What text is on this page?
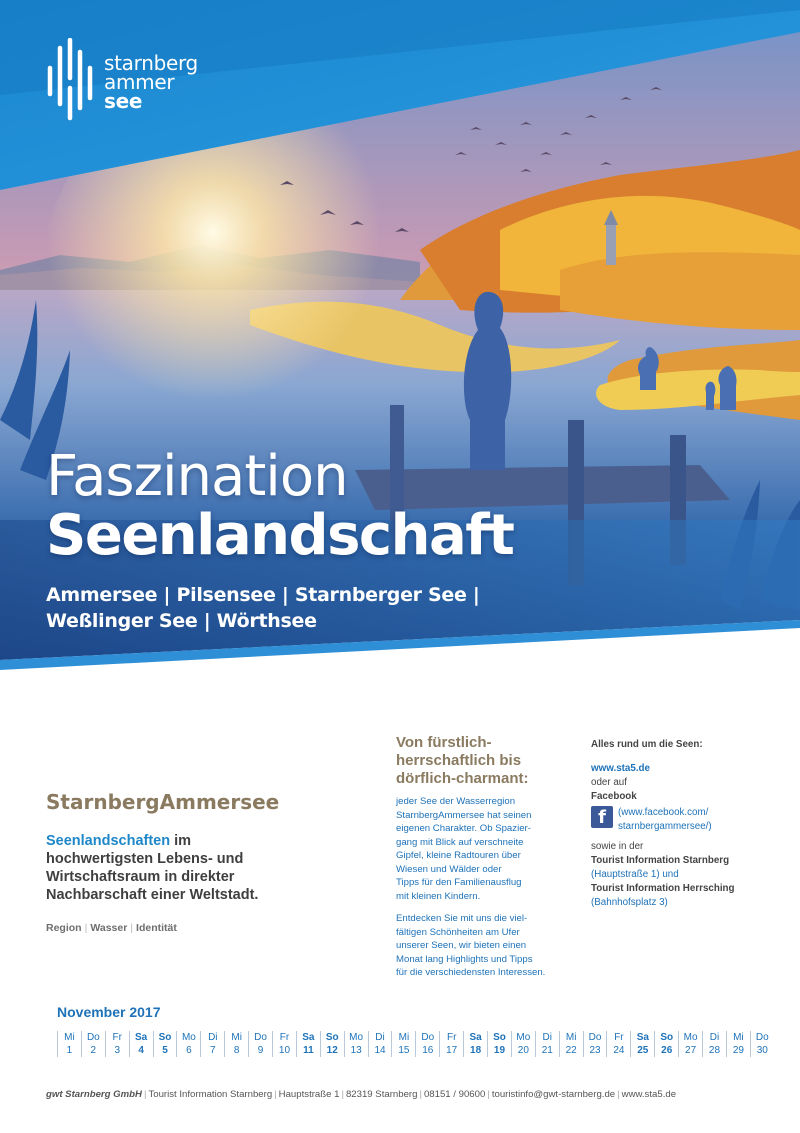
starnberg
ammer
see
Faszination
Seenlandschaft
Ammersee | Pilsensee | Starnberger See |
Weßlinger See | Wörthsee
StarnbergAmmersee
Seenlandschaften im
hochwertigsten Lebens- und
Wirtschaftsraum in direkter
Nachbarschaft einer Weltstadt.
Region | Wasser | Identität
Von fürstlich-
herrschaftlich bis
dörflich-charmant:

jeder See der Wasserregion
StarnbergAmmersee hat seinen
eigenen Charakter. Ob Spazier-
gang mit Blick auf verschneite
Gipfel, kleine Radtouren über
Wiesen und Wälder oder
Tipps für den Familienausflug
mit kleinen Kindern.

Entdecken Sie mit uns die viel-
fältigen Schönheiten am Ufer
unserer Seen, wir bieten einen
Monat lang Highlights und Tipps
für die verschiedensten Interessen.

Alles rund um die Seen:
www.sta5.de
oder auf
Facebook
f	(www.facebook.com/
starnbergammersee/)
sowie in der
Tourist Information Starnberg
(Hauptstraße 1) und
Tourist Information Herrsching
(Bahnhofsplatz 3)
November 2017
Mi
1
Do
2
Fr
3
Sa
4
So
5
Mo
6
Di
7
Mi
8
Do
9
Fr
10
Sa
11
So
12
Mo
13
Di
14
Mi
15
Do
16
Fr
17
Sa
18
So
19
Mo
20
Di
21
Mi
22
Do
23
Fr
24
Sa
25
So
26
Mo
27
Di
28
Mi
29
Do
30
gwt Starnberg GmbH | Tourist Information Starnberg | Hauptstraße 1 | 82319 Starnberg | 08151 / 90600 | touristinfo@gwt-starnberg.de | www.sta5.de
